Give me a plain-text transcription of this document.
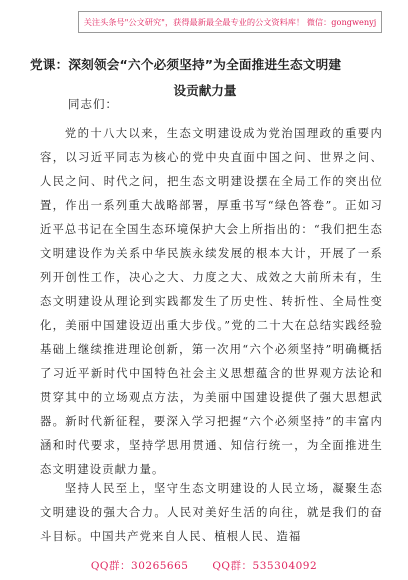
关注头条号"公文研究"，获得最新最全最专业的公文资料库！ 微信：gongwenyj
党课：深刻领会“六个必须坚持”为全面推进生态文明建
设贡献力量
同志们：
党的十八大以来，生态文明建设成为党治国理政的重要内容，以习近平同志为核心的党中央直面中国之问、世界之问、人民之问、时代之问，把生态文明建设摆在全局工作的突出位置，作出一系列重大战略部署，厚重书写“绿色答卷”。正如习近平总书记在全国生态环境保护大会上所指出的：“我们把生态文明建设作为关系中华民族永续发展的根本大计，开展了一系列开创性工作，决心之大、力度之大、成效之大前所未有，生态文明建设从理论到实践都发生了历史性、转折性、全局性变化，美丽中国建设迈出重大步伐。”党的二十大在总结实践经验基础上继续推进理论创新，第一次用“六个必须坚持”明确概括了习近平新时代中国特色社会主义思想蕴含的世界观方法论和贯穿其中的立场观点方法，为美丽中国建设提供了强大思想武器。新时代新征程，要深入学习把握“六个必须坚持”的丰富内涵和时代要求，坚持学思用贯通、知信行统一，为全面推进生态文明建设贡献力量。
坚持人民至上，坚守生态文明建设的人民立场，凝聚生态文明建设的强大合力。人民对美好生活的向往，就是我们的奋斗目标。中国共产党来自人民、植根人民、造福
QQ群：30265665 QQ群：535304092
